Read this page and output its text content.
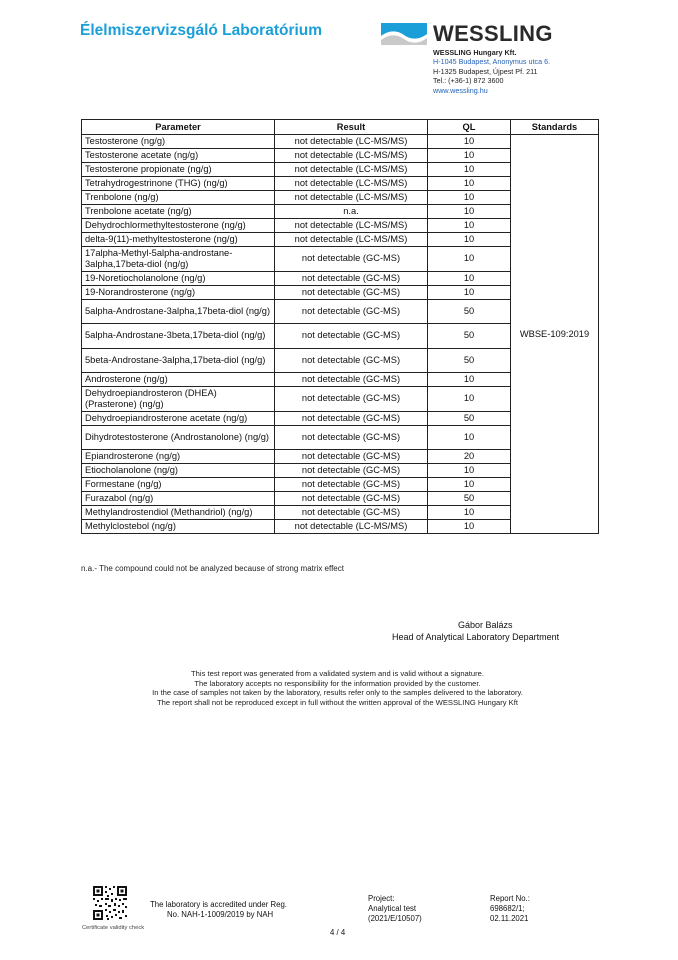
Élelmiszervizsgáló Laboratórium	WESSLING
WESSLING Hungary Kft.
H-1045 Budapest, Anonymus utca 6.
H-1325 Budapest, Újpest Pf. 211
Tel.: (+36-1) 872 3600
www.wessling.hu
Parameter	Result	QL	Standards
Testosterone (ng/g)	not detectable (LC-MS/MS)	10	WBSE-109:2019
Testosterone acetate (ng/g)	not detectable (LC-MS/MS)	10	
Testosterone propionate (ng/g)	not detectable (LC-MS/MS)	10	
Tetrahydrogestrinone (THG) (ng/g)	not detectable (LC-MS/MS)	10	
Trenbolone (ng/g)	not detectable (LC-MS/MS)	10	
Trenbolone acetate (ng/g)	n.a.	10	
Dehydrochlormethyltestosterone (ng/g)	not detectable (LC-MS/MS)	10	
delta-9(11)-methyltestosterone (ng/g)	not detectable (LC-MS/MS)	10	
17alpha-Methyl-5alpha-androstane-3alpha,17beta-diol (ng/g)	not detectable (GC-MS)	10	
19-Noretiocholanolone (ng/g)	not detectable (GC-MS)	10	
19-Norandrosterone (ng/g)	not detectable (GC-MS)	10	
5alpha-Androstane-3alpha,17beta-diol (ng/g)	not detectable (GC-MS)	50	
5alpha-Androstane-3beta,17beta-diol (ng/g)	not detectable (GC-MS)	50	
5beta-Androstane-3alpha,17beta-diol (ng/g)	not detectable (GC-MS)	50	
Androsterone (ng/g)	not detectable (GC-MS)	10	
Dehydroepiandrosteron (DHEA) (Prasterone) (ng/g)	not detectable (GC-MS)	10	
Dehydroepiandrosterone acetate (ng/g)	not detectable (GC-MS)	50	
Dihydrotestosterone (Androstanolone) (ng/g)	not detectable (GC-MS)	10	
Epiandrosterone (ng/g)	not detectable (GC-MS)	20	
Etiocholanolone (ng/g)	not detectable (GC-MS)	10	
Formestane (ng/g)	not detectable (GC-MS)	10	
Furazabol (ng/g)	not detectable (GC-MS)	50	
Methylandrostendiol (Methandriol) (ng/g)	not detectable (GC-MS)	10	
Methylclostebol (ng/g)	not detectable (LC-MS/MS)	10	
n.a.- The compound could not be analyzed because of strong matrix effect
Gábor Balázs
Head of Analytical Laboratory Department
This test report was generated from a validated system and is valid without a signature.
The laboratory accepts no responsibility for the information provided by the customer.
In the case of samples not taken by the laboratory, results refer only to the samples delivered to the laboratory.
The report shall not be reproduced except in full without the written approval of the WESSLING Hungary Kft
Certificate validity check
The laboratory is accredited under Reg.
No. NAH-1-1009/2019 by NAH
4 / 4
Project:
Analytical test
(2021/E/10507)
Report No.:
698682/1;
02.11.2021
